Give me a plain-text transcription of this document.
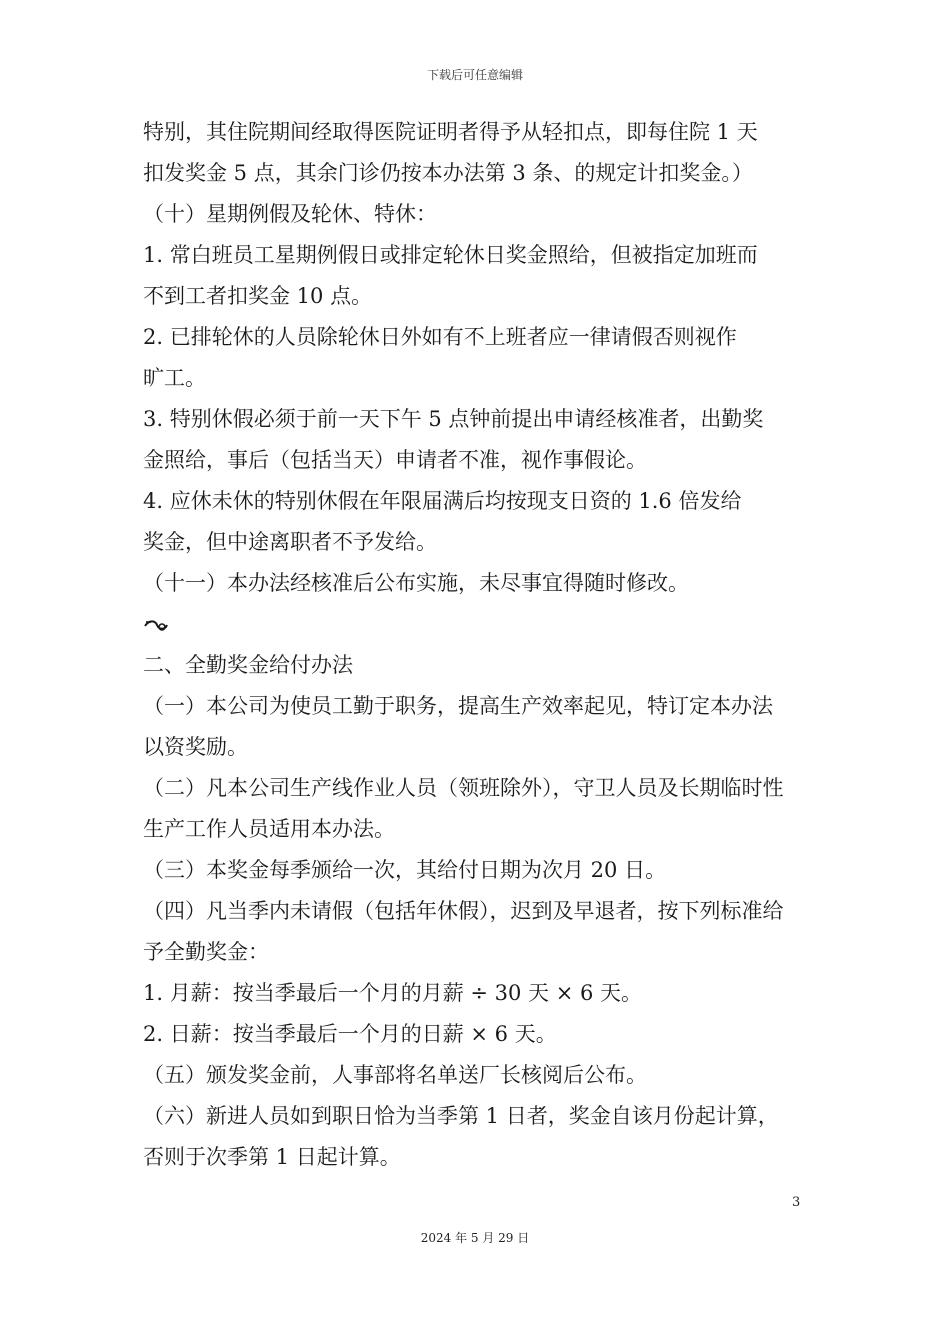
下载后可任意编辑
特别，其住院期间经取得医院证明者得予从轻扣点，即每住院 1 天
扣发奖金 5 点，其余门诊仍按本办法第 3 条、的规定计扣奖金。）
（十）星期例假及轮休、特休：
1. 常白班员工星期例假日或排定轮休日奖金照给，但被指定加班而
不到工者扣奖金 10 点。
2. 已排轮休的人员除轮休日外如有不上班者应一律请假否则视作
旷工。
3. 特别休假必须于前一天下午 5 点钟前提出申请经核准者，出勤奖
金照给，事后（包括当天）申请者不准，视作事假论。
4. 应休未休的特别休假在年限届满后均按现支日资的 1.6 倍发给
奖金，但中途离职者不予发给。
（十一）本办法经核准后公布实施，未尽事宜得随时修改。
二、全勤奖金给付办法
（一）本公司为使员工勤于职务，提高生产效率起见，特订定本办法
以资奖励。
（二）凡本公司生产线作业人员（领班除外），守卫人员及长期临时性
生产工作人员适用本办法。
（三）本奖金每季颁给一次，其给付日期为次月 20 日。
（四）凡当季内未请假（包括年休假），迟到及早退者，按下列标准给
予全勤奖金：
1. 月薪：按当季最后一个月的月薪 ÷ 30 天 × 6 天。
2. 日薪：按当季最后一个月的日薪 × 6 天。
（五）颁发奖金前，人事部将名单送厂长核阅后公布。
（六）新进人员如到职日恰为当季第 1 日者，奖金自该月份起计算，
否则于次季第 1 日起计算。
3
2024 年 5 月 29 日
